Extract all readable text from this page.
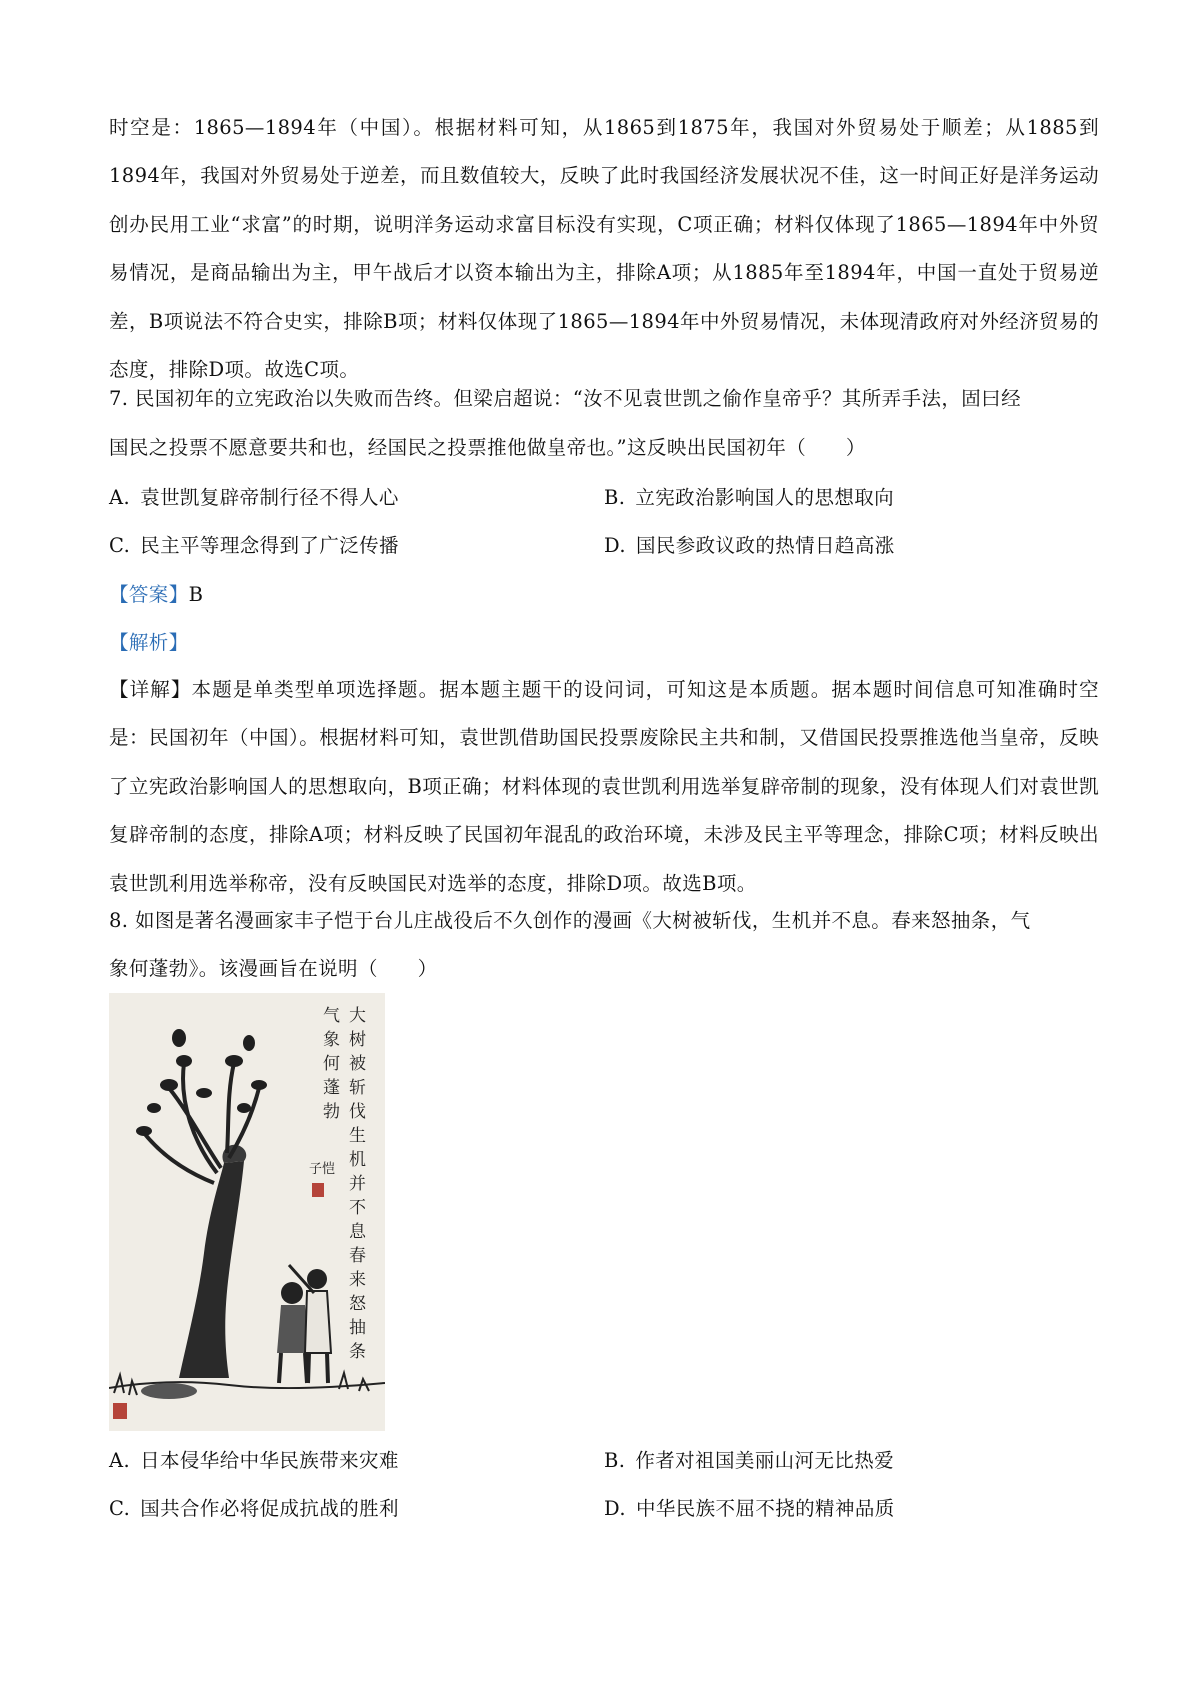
时空是：1865—1894年（中国）。根据材料可知，从1865到1875年，我国对外贸易处于顺差；从1885到1894年，我国对外贸易处于逆差，而且数值较大，反映了此时我国经济发展状况不佳，这一时间正好是洋务运动创办民用工业“求富”的时期，说明洋务运动求富目标没有实现，C项正确；材料仅体现了1865—1894年中外贸易情况，是商品输出为主，甲午战后才以资本输出为主，排除A项；从1885年至1894年，中国一直处于贸易逆差，B项说法不符合史实，排除B项；材料仅体现了1865—1894年中外贸易情况，未体现清政府对外经济贸易的态度，排除D项。故选C项。
7. 民国初年的立宪政治以失败而告终。但梁启超说：“汝不见袁世凯之偷作皇帝乎？其所弄手法，固曰经
国民之投票不愿意要共和也，经国民之投票推他做皇帝也。”这反映出民国初年（　　）
A. 袁世凯复辟帝制行径不得人心	B. 立宪政治影响国人的思想取向
C. 民主平等理念得到了广泛传播	D. 国民参政议政的热情日趋高涨
【答案】B
【解析】
【详解】本题是单类型单项选择题。据本题主题干的设问词，可知这是本质题。据本题时间信息可知准确时空是：民国初年（中国）。根据材料可知，袁世凯借助国民投票废除民主共和制，又借国民投票推选他当皇帝，反映了立宪政治影响国人的思想取向，B项正确；材料体现的袁世凯利用选举复辟帝制的现象，没有体现人们对袁世凯复辟帝制的态度，排除A项；材料反映了民国初年混乱的政治环境，未涉及民主平等理念，排除C项；材料反映出袁世凯利用选举称帝，没有反映国民对选举的态度，排除D项。故选B项。
8. 如图是著名漫画家丰子恺于台儿庄战役后不久创作的漫画《大树被斩伐，生机并不息。春来怒抽条，气
象何蓬勃》。该漫画旨在说明（　　）
大
树
被
斩
伐
生
机
并
不
息
春
来
怒
抽
条
气
象
何
蓬
勃
子恺
A. 日本侵华给中华民族带来灾难	B. 作者对祖国美丽山河无比热爱
C. 国共合作必将促成抗战的胜利	D. 中华民族不屈不挠的精神品质
